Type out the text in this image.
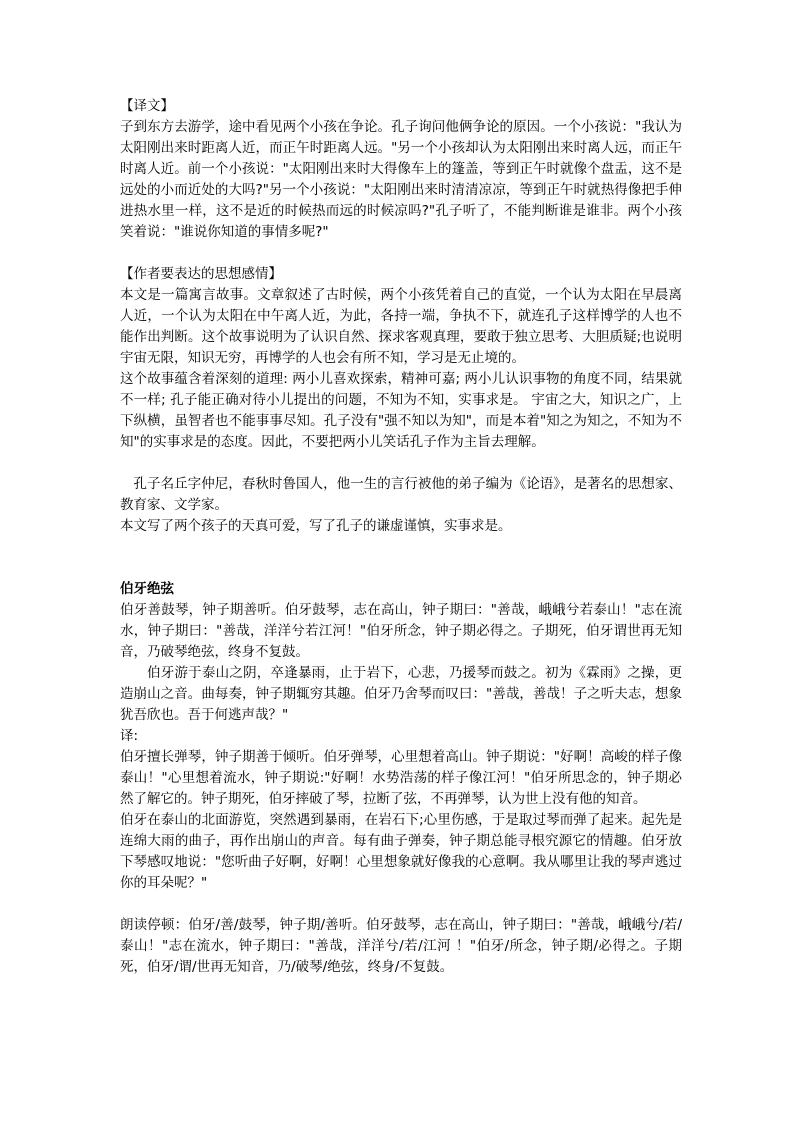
【译文】

子到东方去游学，途中看见两个小孩在争论。孔子询问他俩争论的原因。一个小孩说："我认为太阳刚出来时距离人近，而正午时距离人远。"另一个小孩却认为太阳刚出来时离人远，而正午时离人近。前一个小孩说："太阳刚出来时大得像车上的篷盖，等到正午时就像个盘盂，这不是远处的小而近处的大吗?"另一个小孩说："太阳刚出来时清清凉凉，等到正午时就热得像把手伸进热水里一样，这不是近的时候热而远的时候凉吗?"孔子听了，不能判断谁是谁非。两个小孩笑着说："谁说你知道的事情多呢?"

【作者要表达的思想感情】

本文是一篇寓言故事。文章叙述了古时候，两个小孩凭着自己的直觉，一个认为太阳在早晨离人近，一个认为太阳在中午离人近，为此，各持一端，争执不下，就连孔子这样博学的人也不能作出判断。这个故事说明为了认识自然、探求客观真理，要敢于独立思考、大胆质疑;也说明宇宙无限，知识无穷，再博学的人也会有所不知，学习是无止境的。

这个故事蕴含着深刻的道理: 两小儿喜欢探索，精神可嘉; 两小儿认识事物的角度不同，结果就不一样; 孔子能正确对待小儿提出的问题，不知为不知，实事求是。 宇宙之大，知识之广，上下纵横，虽智者也不能事事尽知。孔子没有"强不知以为知"，而是本着"知之为知之，不知为不知"的实事求是的态度。因此，不要把两小儿笑话孔子作为主旨去理解。

孔子名丘字仲尼，春秋时鲁国人，他一生的言行被他的弟子编为《论语》，是著名的思想家、教育家、文学家。

本文写了两个孩子的天真可爱，写了孔子的谦虚谨慎，实事求是。

伯牙绝弦

伯牙善鼓琴，钟子期善听。伯牙鼓琴，志在高山，钟子期曰："善哉，峨峨兮若泰山！"志在流水，钟子期曰："善哉，洋洋兮若江河！"伯牙所念，钟子期必得之。子期死，伯牙谓世再无知音，乃破琴绝弦，终身不复鼓。

伯牙游于泰山之阴，卒逢暴雨，止于岩下，心悲，乃援琴而鼓之。初为《霖雨》之操，更造崩山之音。曲每奏，钟子期辄穷其趣。伯牙乃舍琴而叹曰："善哉，善哉！子之听夫志，想象犹吾欣也。吾于何逃声哉？"

译:

伯牙擅长弹琴，钟子期善于倾听。伯牙弹琴，心里想着高山。钟子期说："好啊！高峻的样子像泰山！"心里想着流水，钟子期说:"好啊！水势浩荡的样子像江河！"伯牙所思念的，钟子期必然了解它的。钟子期死，伯牙摔破了琴，拉断了弦，不再弹琴，认为世上没有他的知音。

伯牙在泰山的北面游览，突然遇到暴雨，在岩石下;心里伤感，于是取过琴而弹了起来。起先是连绵大雨的曲子，再作出崩山的声音。每有曲子弹奏，钟子期总能寻根究源它的情趣。伯牙放下琴感叹地说："您听曲子好啊，好啊！心里想象就好像我的心意啊。我从哪里让我的琴声逃过你的耳朵呢？"

朗读停顿：伯牙/善/鼓琴，钟子期/善听。伯牙鼓琴，志在高山，钟子期曰："善哉，峨峨兮/若/泰山！"志在流水，钟子期曰："善哉，洋洋兮/若/江河 ！"伯牙/所念，钟子期/必得之。子期死，伯牙/谓/世再无知音，乃/破琴/绝弦，终身/不复鼓。
